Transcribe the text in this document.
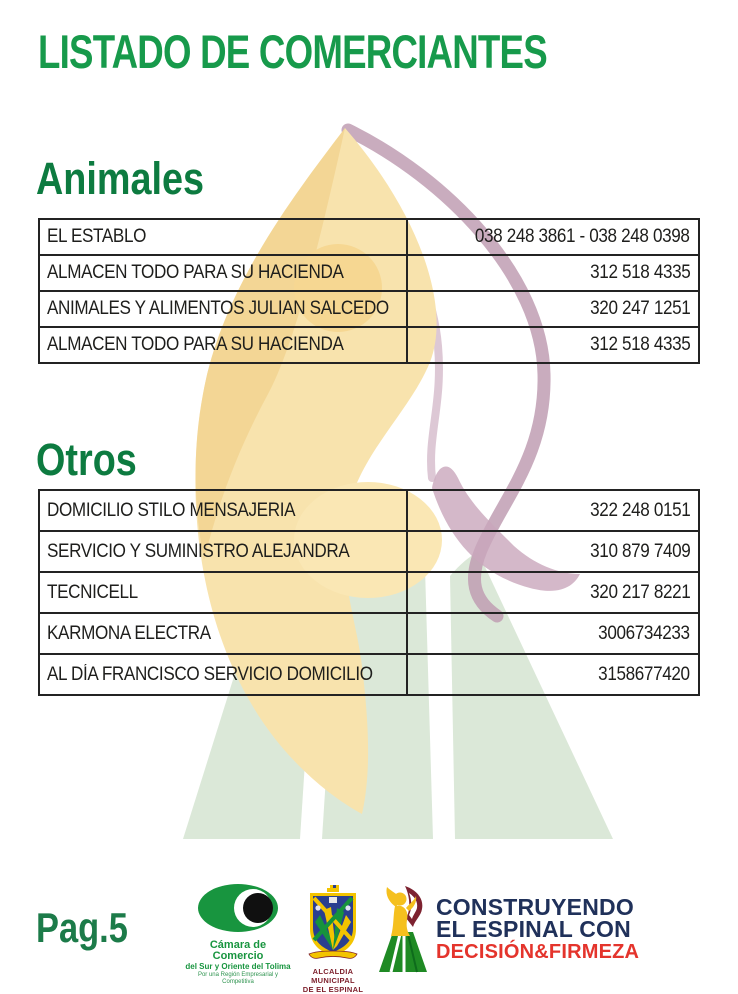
LISTADO DE COMERCIANTES
Animales
EL ESTABLO	038 248 3861 - 038 248 0398
ALMACEN TODO PARA SU HACIENDA	312 518 4335
ANIMALES Y ALIMENTOS JULIAN SALCEDO	320 247 1251
ALMACEN TODO PARA SU HACIENDA	312 518 4335
Otros
DOMICILIO STILO MENSAJERIA	322 248 0151
SERVICIO Y SUMINISTRO ALEJANDRA	310 879 7409
TECNICELL	320 217 8221
KARMONA ELECTRA	3006734233
AL DÍA FRANCISCO SERVICIO DOMICILIO	3158677420
Pag.5	Cámara de Comercio
del Sur y Oriente del Tolima
Por una Región Empresarial y Competitiva
ALCALDIA MUNICIPAL
DE EL ESPINAL
CONSTRUYENDO
EL ESPINAL CON
DECISIÓN&FIRMEZA
